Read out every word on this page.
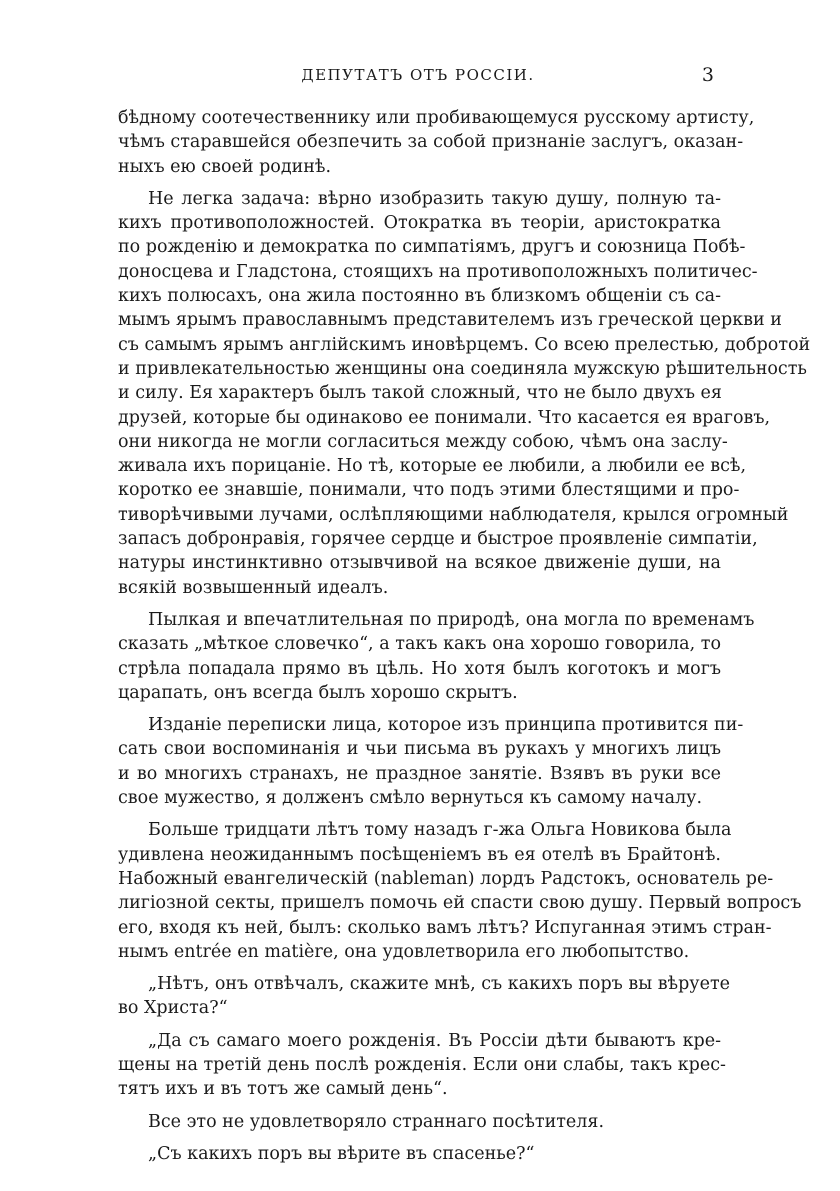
ДЕПУТАТЪ ОТЪ РОССІИ.	3
бѣдному соотечественнику или пробивающемуся русскому артисту,
чѣмъ старавшейся обезпечить за собой признаніе заслугъ, оказан-
ныхъ ею своей родинѣ.
Не легка задача: вѣрно изобразить такую душу, полную та-
кихъ противоположностей. Отократка въ теоріи, аристократка
по рожденію и демократка по симпатіямъ, другъ и союзница Побѣ-
доносцева и Гладстона, стоящихъ на противоположныхъ политичес-
кихъ полюсахъ, она жила постоянно въ близкомъ общеніи съ са-
мымъ ярымъ православнымъ представителемъ изъ греческой церкви и
съ самымъ ярымъ англійскимъ иновѣрцемъ. Со всею прелестью, добротой
и привлекательностью женщины она соединяла мужскую рѣшительность
и силу. Ея характеръ былъ такой сложный, что не было двухъ ея
друзей, которые бы одинаково ее понимали. Что касается ея враговъ,
они никогда не могли согласиться между собою, чѣмъ она заслу-
живала ихъ порицаніе. Но тѣ, которые ее любили, а любили ее всѣ,
коротко ее знавшіе, понимали, что подъ этими блестящими и про-
тиворѣчивыми лучами, ослѣпляющими наблюдателя, крылся огромный
запасъ добронравія, горячее сердце и быстрое проявленіе симпатіи,
натуры инстинктивно отзывчивой на всякое движеніе души, на
всякій возвышенный идеалъ.
Пылкая и впечатлительная по природѣ, она могла по временамъ
сказать „мѣткое словечко“, а такъ какъ она хорошо говорила, то
стрѣла попадала прямо въ цѣль. Но хотя былъ коготокъ и могъ
царапать, онъ всегда былъ хорошо скрытъ.
Изданіе переписки лица, которое изъ принципа противится пи-
сать свои воспоминанія и чьи письма въ рукахъ у многихъ лицъ
и во многихъ странахъ, не праздное занятіе. Взявъ въ руки все
свое мужество, я долженъ смѣло вернуться къ самому началу.
Больше тридцати лѣтъ тому назадъ г-жа Ольга Новикова была
удивлена неожиданнымъ посѣщеніемъ въ ея отелѣ въ Брайтонѣ.
Набожный евангелическій (nableman) лордъ Радстокъ, основатель ре-
лигіозной секты, пришелъ помочь ей спасти свою душу. Первый вопросъ
его, входя къ ней, былъ: сколько вамъ лѣтъ? Испуганная этимъ стран-
нымъ entrée en matière, она удовлетворила его любопытство.
„Нѣтъ, онъ отвѣчалъ, скажите мнѣ, съ какихъ поръ вы вѣруете
во Христа?“
„Да съ самаго моего рожденія. Въ Россіи дѣти бываютъ кре-
щены на третій день послѣ рожденія. Если они слабы, такъ крес-
тятъ ихъ и въ тотъ же самый день“.
Все это не удовлетворяло страннаго посѣтителя.
„Съ какихъ поръ вы вѣрите въ спасенье?“
